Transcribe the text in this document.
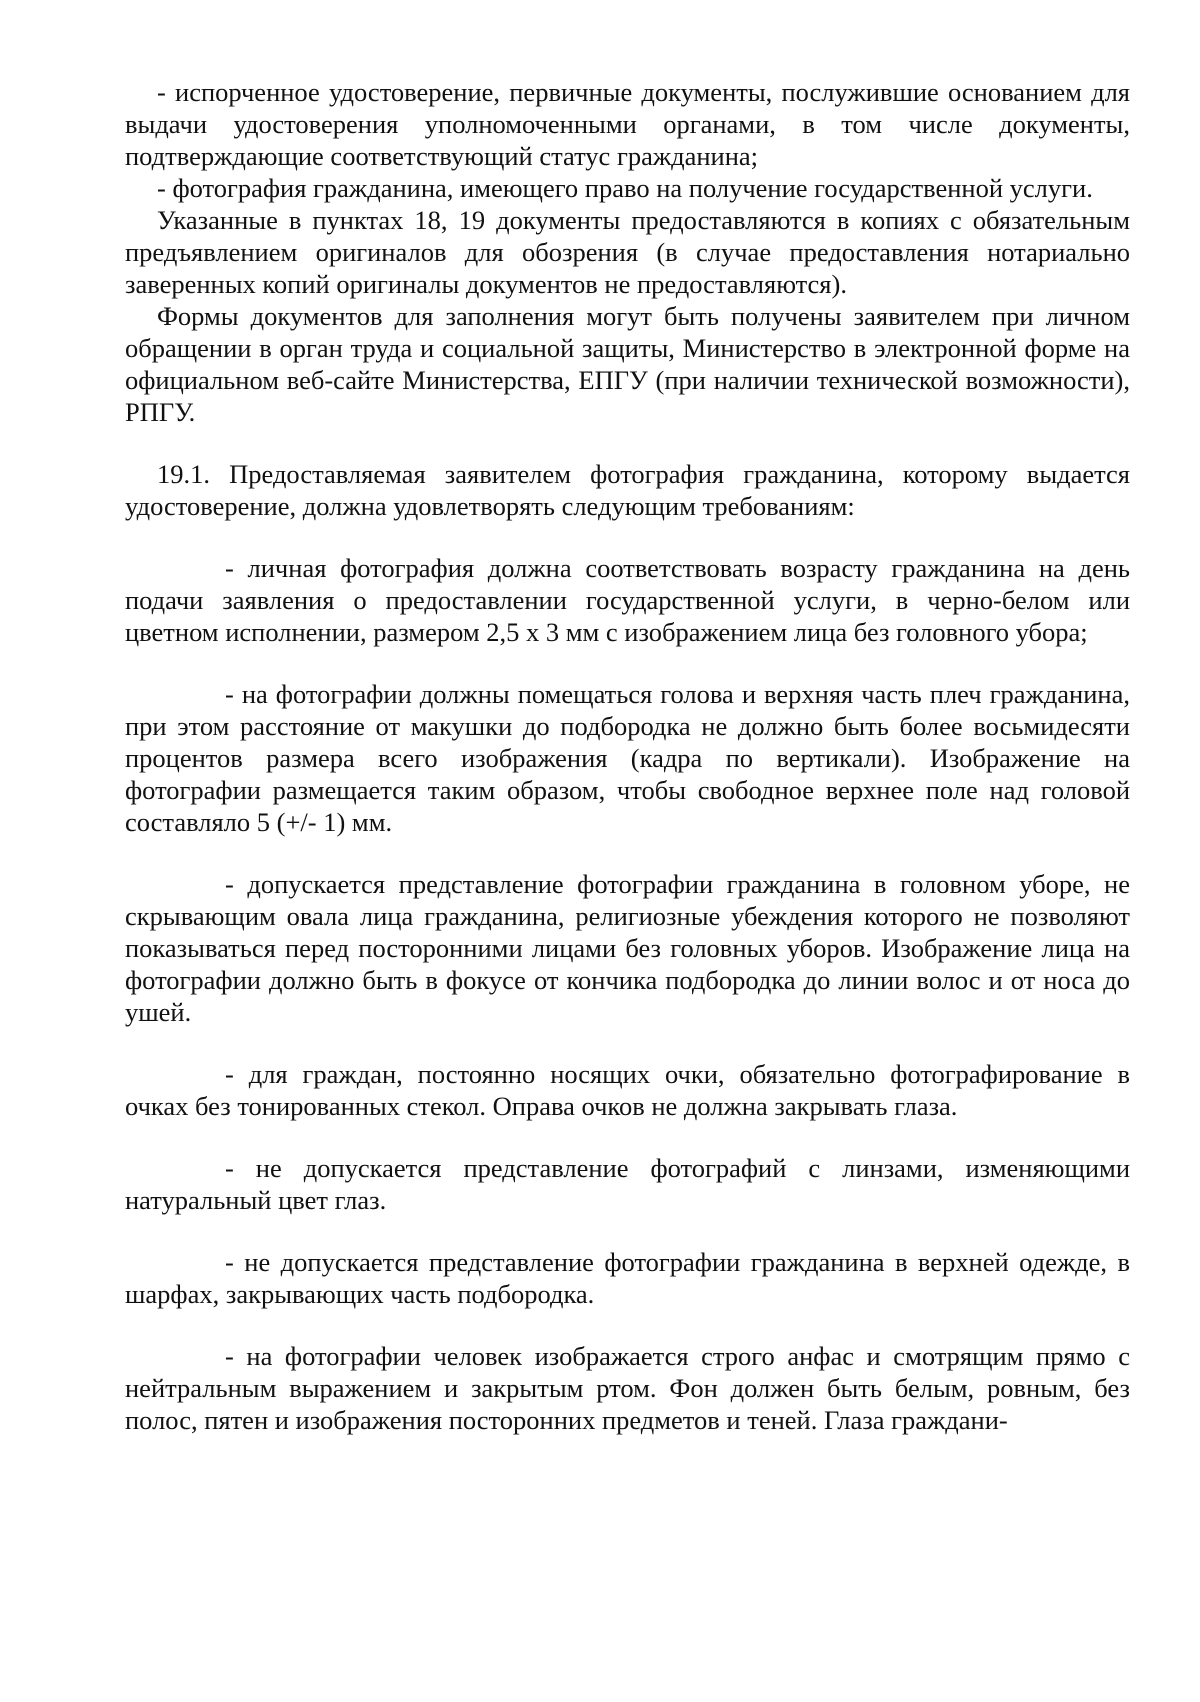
- испорченное удостоверение, первичные документы, послужившие основанием для выдачи удостоверения уполномоченными органами, в том числе документы, подтверждающие соответствующий статус гражданина;

- фотография гражданина, имеющего право на получение государственной услуги.

Указанные в пунктах 18, 19 документы предоставляются в копиях с обязательным предъявлением оригиналов для обозрения (в случае предоставления нотариально заверенных копий оригиналы документов не предоставляются).

Формы документов для заполнения могут быть получены заявителем при личном обращении в орган труда и социальной защиты, Министерство в электронной форме на официальном веб-сайте Министерства, ЕПГУ (при наличии технической возможности), РПГУ.

19.1. Предоставляемая заявителем фотография гражданина, которому выдается удостоверение, должна удовлетворять следующим требованиям:

- личная фотография должна соответствовать возрасту гражданина на день подачи заявления о предоставлении государственной услуги, в черно-белом или цветном исполнении, размером 2,5 х 3 мм с изображением лица без головного убора;

- на фотографии должны помещаться голова и верхняя часть плеч гражданина, при этом расстояние от макушки до подбородка не должно быть более восьмидесяти процентов размера всего изображения (кадра по вертикали). Изображение на фотографии размещается таким образом, чтобы свободное верхнее поле над головой составляло 5 (+/- 1) мм.

- допускается представление фотографии гражданина в головном уборе, не скрывающим овала лица гражданина, религиозные убеждения которого не позволяют показываться перед посторонними лицами без головных уборов. Изображение лица на фотографии должно быть в фокусе от кончика подбородка до линии волос и от носа до ушей.

- для граждан, постоянно носящих очки, обязательно фотографирование в очках без тонированных стекол. Оправа очков не должна закрывать глаза.

- не допускается представление фотографий с линзами, изменяющими натуральный цвет глаз.

- не допускается представление фотографии гражданина в верхней одежде, в шарфах, закрывающих часть подбородка.

- на фотографии человек изображается строго анфас и смотрящим прямо с нейтральным выражением и закрытым ртом. Фон должен быть белым, ровным, без полос, пятен и изображения посторонних предметов и теней. Глаза граждани-
